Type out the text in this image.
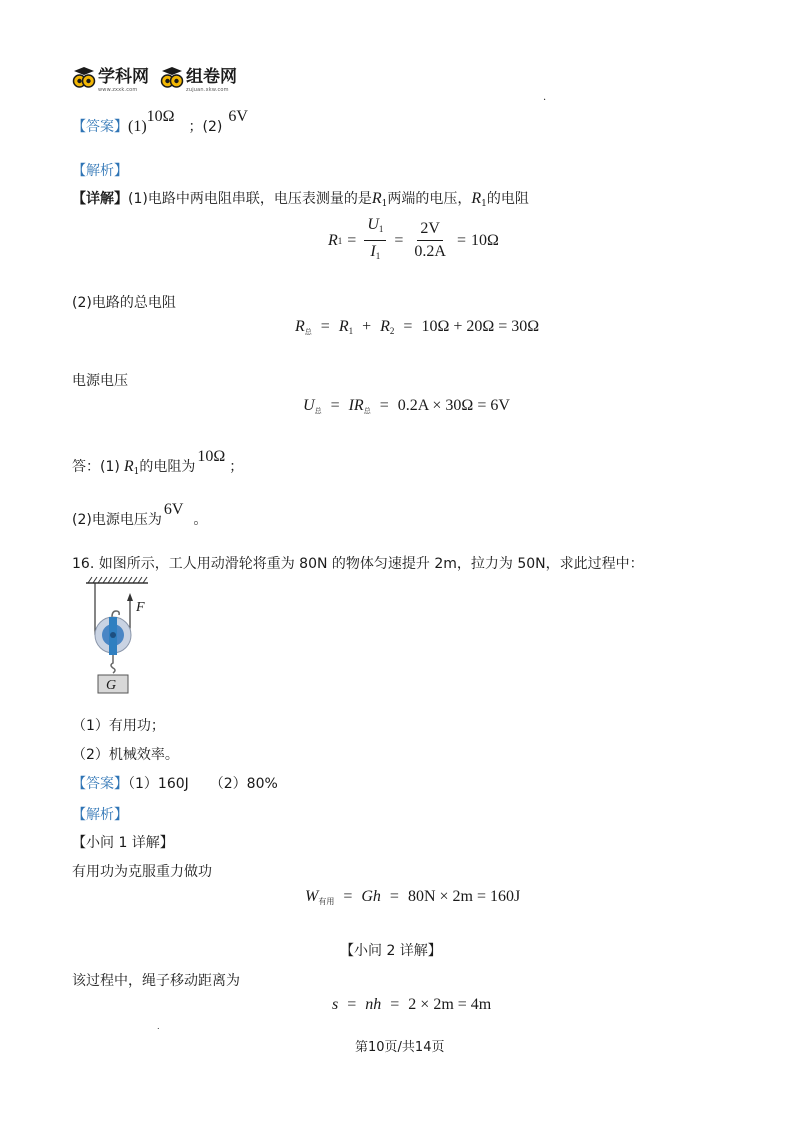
学科网
www.zxxk.com
组卷网
zujuan.xkw.com
.
【答案】(1)10Ω；(2)6V
【解析】
【详解】(1)电路中两电阻串联，电压表测量的是$R_1$两端的电压，$R_1$的电阻
R $1 = \frac{U_1}{I_1} = \frac{2V}{0.2A} = 10\Omega$
(2)电路的总电阻
$R_总 = R_1 + R_2 = 10\Omega + 20\Omega = 30\Omega$
电源电压
$U_总 = IR_总 = 0.2A \times 30\Omega = 6V$
答：(1) $R_1$的电阻为10Ω；
(2)电源电压为6V。
16. 如图所示，工人用动滑轮将重为 80N 的物体匀速提升 2m，拉力为 50N，求此过程中：
F
G
（1）有用功；
（2）机械效率。
【答案】（1）160J　　（2）80%
【解析】
【小问 1 详解】
有用功为克服重力做功
$W_{有用} = Gh = 80N \times 2m = 160J$
【小问 2 详解】
该过程中，绳子移动距离为
s = nh = 2 × 2m = 4m
.
第10页/共14页
